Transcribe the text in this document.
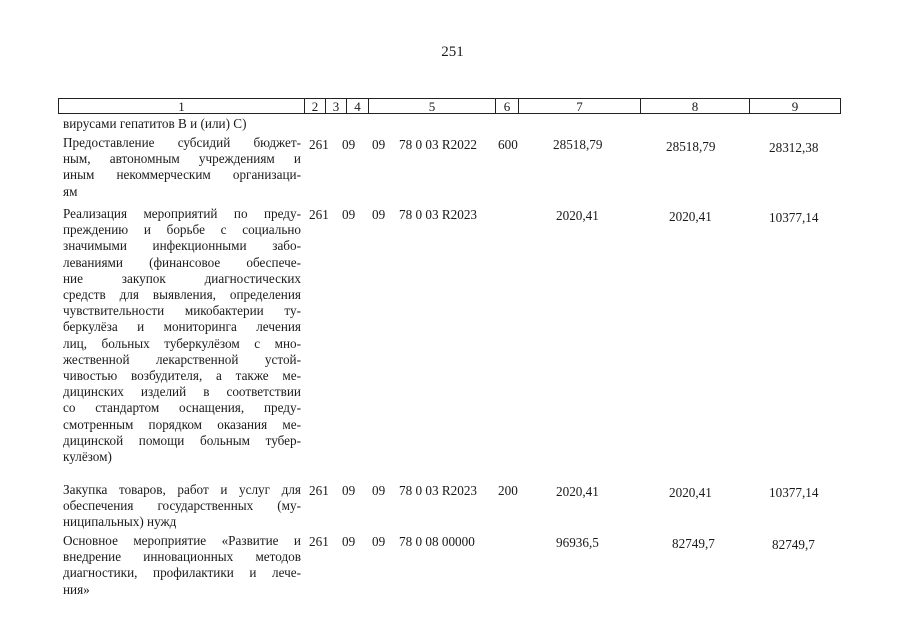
251
1	2	3	4	5	6	7	8	9
вирусами гепатитов В и (или) С)
Предоставление субсидий бюджет-
ным, автономным учреждениям и
иным некоммерческим организаци-
ям
261 09 09 78 0 03 R2022 600	28518,79	28518,79	28312,38
Реализация мероприятий по преду-
преждению и борьбе с социально
значимыми инфекционными забо-
леваниями (финансовое обеспече-
ние закупок диагностических
средств для выявления, определения
чувствительности микобактерии ту-
беркулёза и мониторинга лечения
лиц, больных туберкулёзом с мно-
жественной лекарственной устой-
чивостью возбудителя, а также ме-
дицинских изделий в соответствии
со стандартом оснащения, преду-
смотренным порядком оказания ме-
дицинской помощи больным тубер-
кулёзом)
261 09 09 78 0 03 R2023	2020,41	2020,41	10377,14
Закупка товаров, работ и услуг для
обеспечения государственных (му-
ниципальных) нужд
261 09 09 78 0 03 R2023 200	2020,41	2020,41	10377,14
Основное мероприятие «Развитие и
внедрение инновационных методов
диагностики, профилактики и лече-
ния»
261 09 09 78 0 08 00000	96936,5	82749,7	82749,7
